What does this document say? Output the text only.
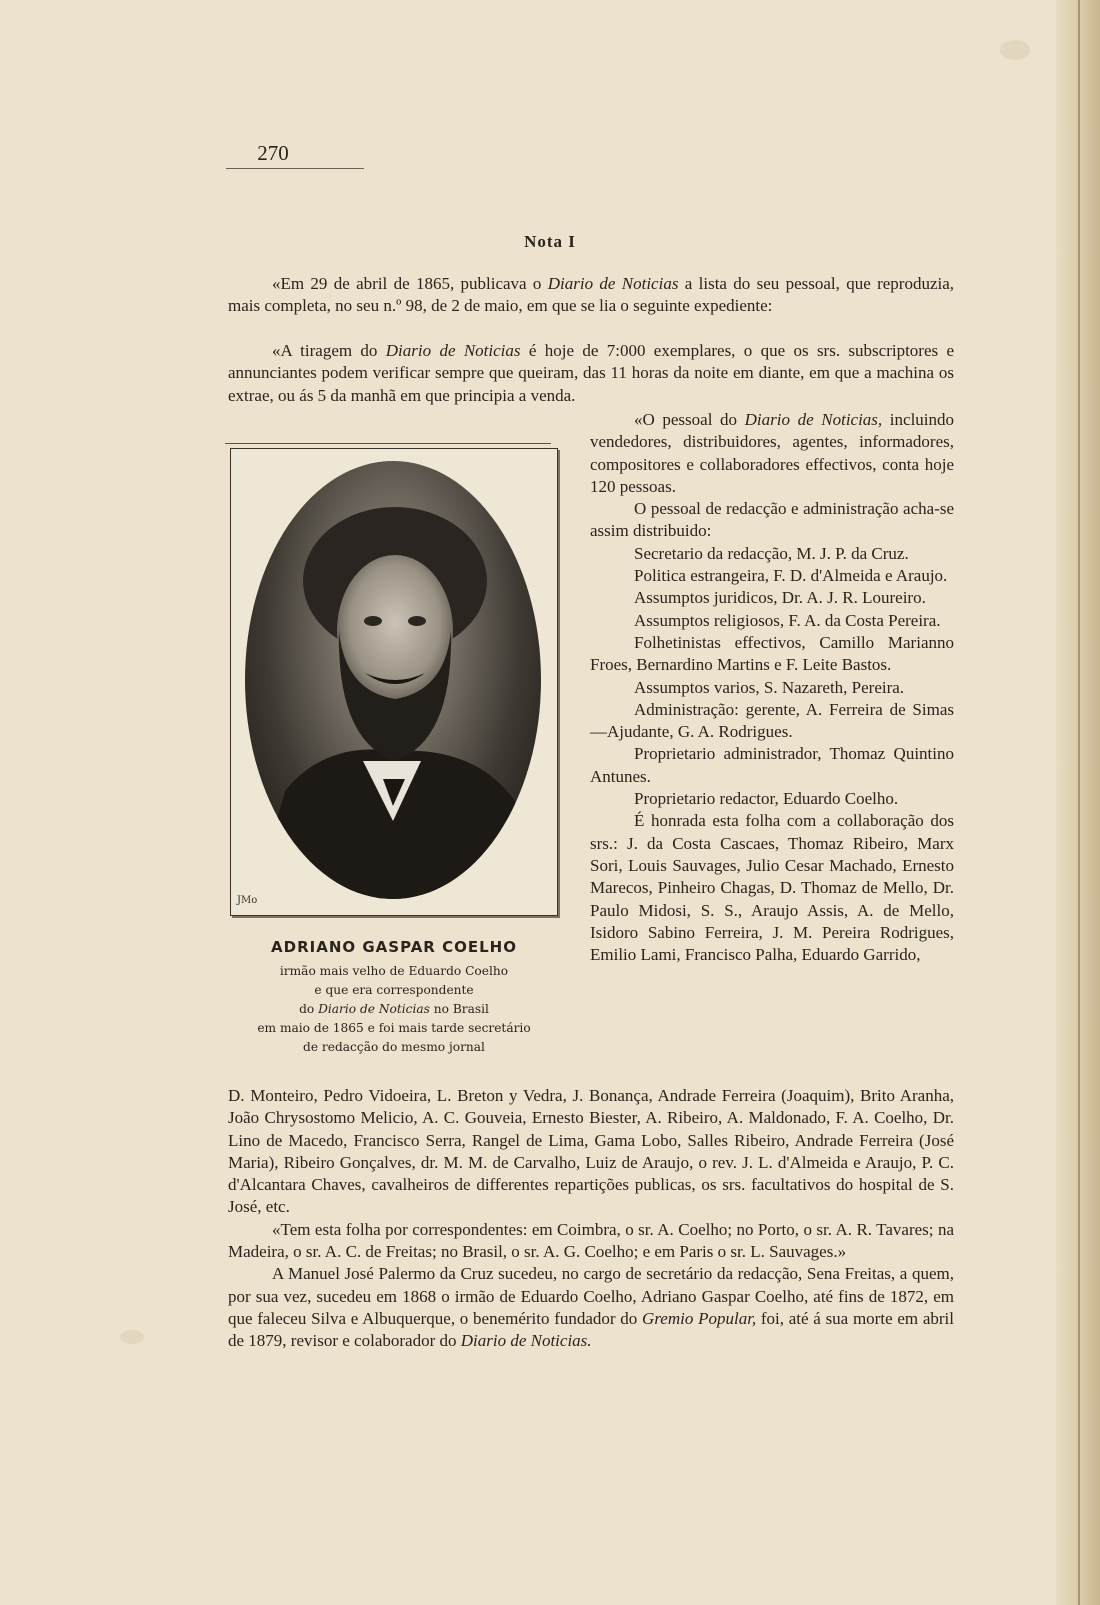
270
Nota I

«Em 29 de abril de 1865, publicava o Diario de Noticias a lista do seu pessoal, que reproduzia, mais completa, no seu n.º 98, de 2 de maio, em que se lia o seguinte expediente:

«A tiragem do Diario de Noticias é hoje de 7:000 exemplares, o que os srs. subscriptores e annunciantes podem verificar sempre que queiram, das 11 horas da noite em diante, em que a machina os extrae, ou ás 5 da manhã em que principia a venda.

JMo
ADRIANO GASPAR COELHO
irmão mais velho de Eduardo Coelho
e que era correspondente
do Diario de Noticias no Brasil
em maio de 1865 e foi mais tarde secretário
de redacção do mesmo jornal

«O pessoal do Diario de Noticias, incluindo vendedores, distribuidores, agentes, informadores, compositores e collaboradores effectivos, conta hoje 120 pessoas.

O pessoal de redacção e administração acha-se assim distribuido:

Secretario da redacção, M. J. P. da Cruz.

Politica estrangeira, F. D. d'Almeida e Araujo.

Assumptos juridicos, Dr. A. J. R. Loureiro.

Assumptos religiosos, F. A. da Costa Pereira.

Folhetinistas effectivos, Camillo Marianno Froes, Bernardino Martins e F. Leite Bastos.

Assumptos varios, S. Nazareth, Pereira.

Administração: gerente, A. Ferreira de Simas—Ajudante, G. A. Rodrigues.

Proprietario administrador, Thomaz Quintino Antunes.

Proprietario redactor, Eduardo Coelho.

É honrada esta folha com a collaboração dos srs.: J. da Costa Cascaes, Thomaz Ribeiro, Marx Sori, Louis Sauvages, Julio Cesar Machado, Ernesto Marecos, Pinheiro Chagas, D. Thomaz de Mello, Dr. Paulo Midosi, S. S., Araujo Assis, A. de Mello, Isidoro Sabino Ferreira, J. M. Pereira Rodrigues, Emilio Lami, Francisco Palha, Eduardo Garrido,

D. Monteiro, Pedro Vidoeira, L. Breton y Vedra, J. Bonança, Andrade Ferreira (Joaquim), Brito Aranha, João Chrysostomo Melicio, A. C. Gouveia, Ernesto Biester, A. Ribeiro, A. Maldonado, F. A. Coelho, Dr. Lino de Macedo, Francisco Serra, Rangel de Lima, Gama Lobo, Salles Ribeiro, Andrade Ferreira (José Maria), Ribeiro Gonçalves, dr. M. M. de Carvalho, Luiz de Araujo, o rev. J. L. d'Almeida e Araujo, P. C. d'Alcantara Chaves, cavalheiros de differentes repartições publicas, os srs. facultativos do hospital de S. José, etc.

«Tem esta folha por correspondentes: em Coimbra, o sr. A. Coelho; no Porto, o sr. A. R. Tavares; na Madeira, o sr. A. C. de Freitas; no Brasil, o sr. A. G. Coelho; e em Paris o sr. L. Sauvages.»

A Manuel José Palermo da Cruz sucedeu, no cargo de secretário da redacção, Sena Freitas, a quem, por sua vez, sucedeu em 1868 o irmão de Eduardo Coelho, Adriano Gaspar Coelho, até fins de 1872, em que faleceu Silva e Albuquerque, o benemérito fundador do Gremio Popular, foi, até á sua morte em abril de 1879, revisor e colaborador do Diario de Noticias.
